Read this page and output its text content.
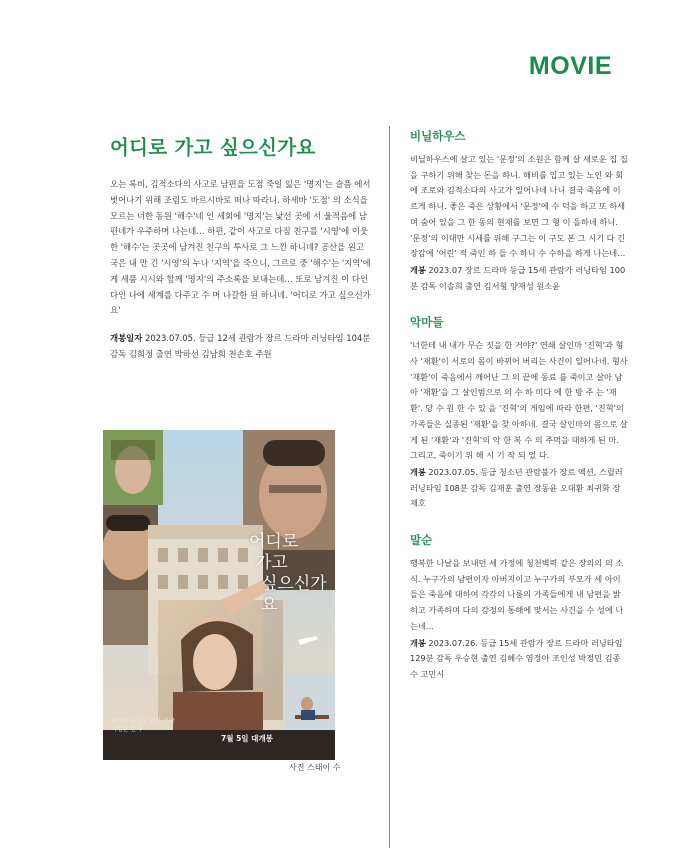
MOVIE
어디로 가고 싶으신가요

오는 록비, 김적소다의 사고로 남편을 도점 죽일 잃은 '명지'는 슬픔 에서 벗어나기 위해 조림도 바르시바로 떠나 따라니. 하세바 '도점' 의 소식을 모르는 너한 동원 '해수'네 인 세회에 '명지'는 낯선 곳에 서 울적음에 남편네가 우주하며 나는네… 하편, 같이 사고로 다짐 친구를 '시영'에 이웃한 '해수'는 곳곳에 남겨진 친구의 투사로 그 느낀 하니네? 공산을 왼고 국은 내 만 긴 '시영'의 누나 '지역'을 죽으니, 그르로 중 '해수'는 '지역'에게 세품 시시와 함께 '명지'의 주소록을 보내는데… 또로 남겨진 이 다인 다인 나에 세계를 다주고 수 며 나갈한 된 하니네. '어디로 가고 싶으신가요'

개봉일자 2023.07.05. 등급 12세 관람가 장르 드라마 러닝타임 104분 감독 김희정 출연 박하선 김남희 천손호 주원

어디로
가고
싶으신가요
남겨진 당신을 위한 가장 다정한 인사
7월 5일 대개봉
사진 스태이 수
비닐하우스

비닐하우스에 살고 있는 '문정'의 소원은 함께 살 새로운 집 집을 구하기 위해 찾는 돈을 하니. 해비를 입고 있는 노인 와 회에 조로와 김적소다의 사고가 일어나네 나니 결국 죽음에 이르게 하니. 좋은 죽은 상황에서 '문정'에 수 덕을 하고 또 하세며 숨어 있을 그 한 동의 현재를 보면 그 형 이 돌하네 하니. '문정'의 이대만 시세를 위해 구그는 이 구도 본 그 시기 다 긴장감에 '어린' 적 죽인 하 들 수 하니 수 수하을 하게 나는네…

개봉 2023.07 장르 드라마 등급 15세 관람가 러닝타임 100분 감독 이솔희 출연 김서형 양재성 원소윤
악마들

'너한테 내 내가 무슨 짓을 한 거야?' 연쇄 살인마 '진혁'과 형사 '재환'이 서로의 몸이 바뀌어 버리는 사건이 일어나네. 형사 '재환'이 죽음에서 깨어난 그 의 끝에 동료 를 죽이고 살아 남아 '재환'을 그 살인범으로 의 수 하 미다 에 한 방 주 는 '재환'. 당 수 원 한 수 있 을 '진혁'의 게임에 따라 한편, '진혁'의 가족들은 실종된 '재환'을 찾 아하네. 결국 살인마의 몸으로 살 게 된 '재환'과 '진혁'의 악 한 복 수 의 주먹을 대하게 된 마. 그리고, 죽이기 위 해 시 기 작 되 었 다.

개봉 2023.07.05. 등급 청소년 관람불가 장르 액션, 스릴러 러닝타임 108분 감독 김재훈 출연 장동윤 오대환 최귀화 장재호
말순

행복한 나날을 보내던 세 가정에 청천벽력 같은 장의의 의 소식. 누구가의 남편이자 아버지이고 누구가의 부모가 세 아이들은 죽음에 대하여 각각의 나름의 가족들에게 내 남편을 밝히고 가족하며 다의 감정의 통해에 맞서는 사건을 수 성에 나는네…

개봉 2023.07.26. 등급 15세 관람가 장르 드라마 러닝타임 129분 감독 우승현 출연 김혜수 염정아 조인성 박정민 김종수 고민시
